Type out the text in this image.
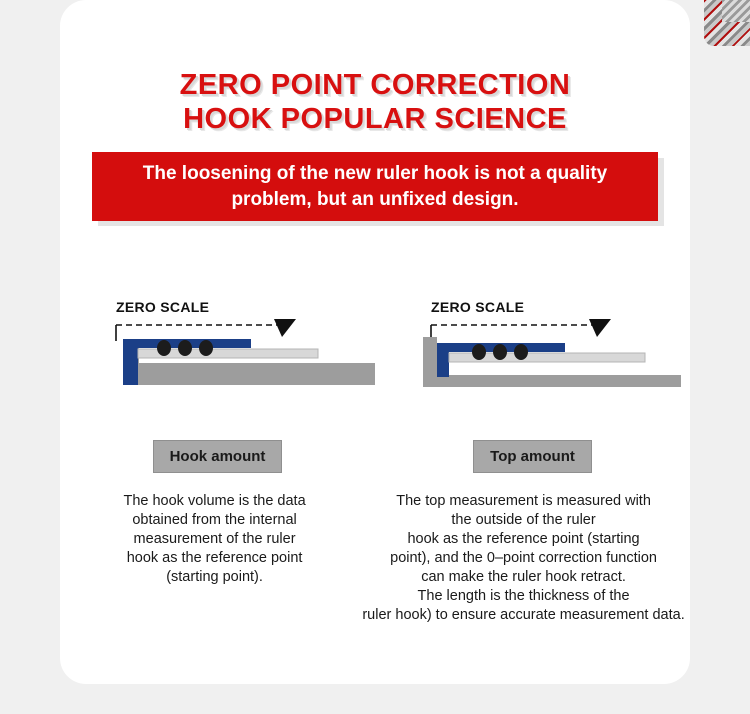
ZERO POINT CORRECTION
HOOK POPULAR SCIENCE
The loosening of the new ruler hook is not a quality
problem, but an unfixed design.
ZERO SCALE	ZERO SCALE
Hook amount	Top amount
The hook volume is the data
obtained from the internal
measurement of the ruler
hook as the reference point
(starting point).
The top measurement is measured with
the outside of the ruler
hook as the reference point (starting
point), and the 0–point correction function
can make the ruler hook retract.
The length is the thickness of the
ruler hook) to ensure accurate measurement data.
